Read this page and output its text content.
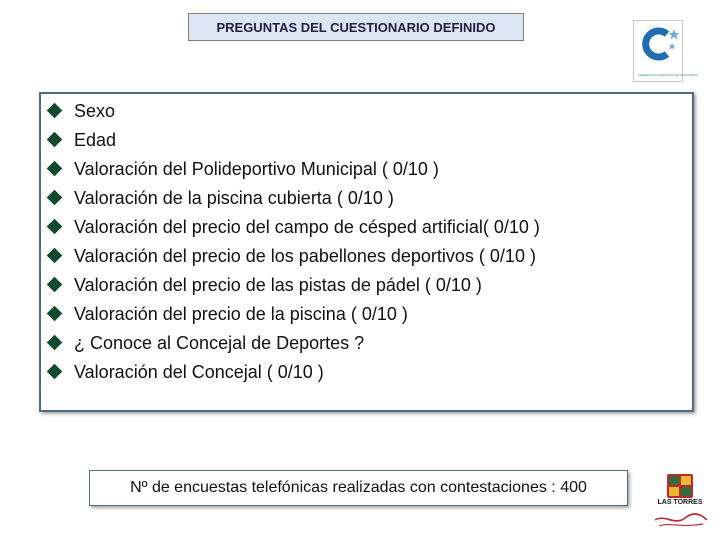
PREGUNTAS DEL CUESTIONARIO DEFINIDO
FEDERACION ESPAÑOLA DE MUNICIPIOS
Sexo
Edad
Valoración del Polideportivo Municipal ( 0/10 )
Valoración de la piscina cubierta ( 0/10 )
Valoración del precio del campo de césped artificial( 0/10 )
Valoración del precio de los pabellones deportivos ( 0/10 )
Valoración del precio de las pistas de pádel ( 0/10 )
Valoración del precio de la piscina ( 0/10 )
¿ Conoce al Concejal de Deportes ?
Valoración del Concejal ( 0/10 )
Nº de encuestas telefónicas realizadas con contestaciones : 400
LAS TORRES
